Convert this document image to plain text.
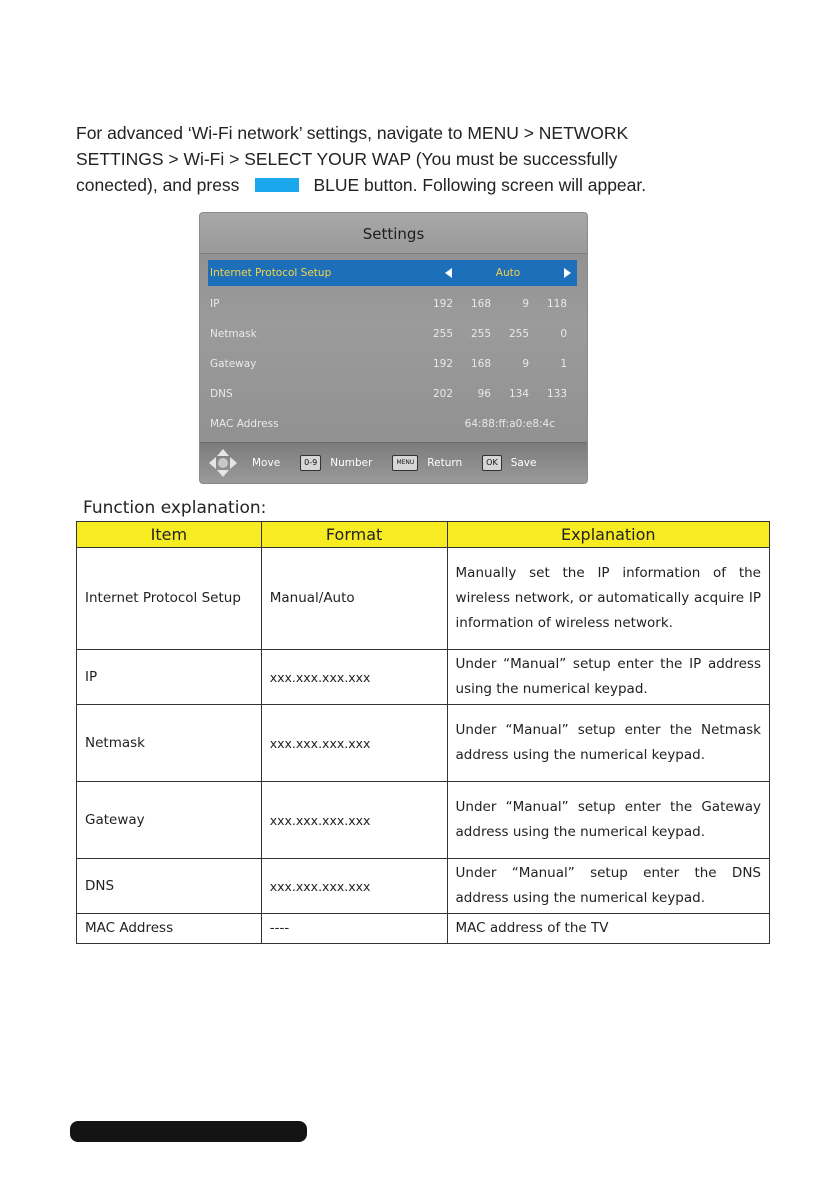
For advanced ‘Wi-Fi network’ settings, navigate to MENU > NETWORK

SETTINGS > Wi-Fi > SELECT YOUR WAP (You must be successfully

conected), and press	BLUE button. Following screen will appear.

Settings
Internet Protocol Setup	Auto
IP	192	168	9	118
Netmask	255	255	255	0
Gateway	192	168	9	1
DNS	202	96	134	133
MAC Address	64:88:ff:a0:e8:4c
Move	0-9	Number	MENU	Return	OK	Save
Function explanation:
Item	Format	Explanation
Internet Protocol Setup	Manual/Auto	Manually set the IP information of the wireless network, or automatically acquire IP information of wireless network.
IP	xxx.xxx.xxx.xxx	Under “Manual” setup enter the IP address using the numerical keypad.
Netmask	xxx.xxx.xxx.xxx	Under “Manual” setup enter the Netmask address using the numerical keypad.
Gateway	xxx.xxx.xxx.xxx	Under “Manual” setup enter the Gateway address using the numerical keypad.
DNS	xxx.xxx.xxx.xxx	Under “Manual” setup enter the DNS address using the numerical keypad.
MAC Address	----	MAC address of the TV
